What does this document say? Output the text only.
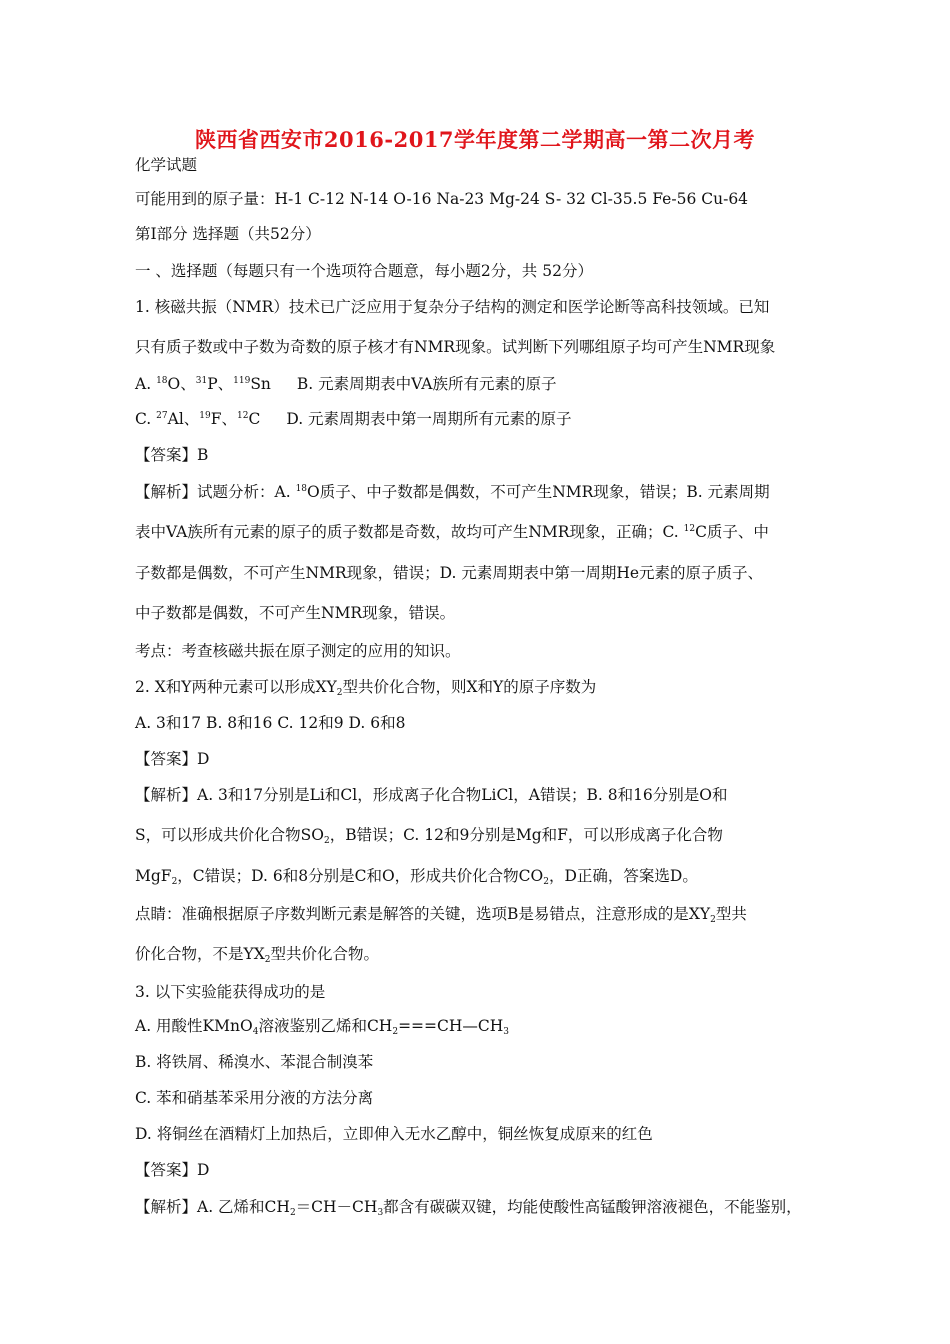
陕西省西安市2016-2017学年度第二学期高一第二次月考
化学试题
可能用到的原子量：H-1 C-12 N-14 O-16 Na-23 Mg-24 S- 32 Cl-35.5 Fe-56 Cu-64
第Ⅰ部分 选择题（共52分）
一 、选择题（每题只有一个选项符合题意，每小题2分，共 52分）
1. 核磁共振（NMR）技术已广泛应用于复杂分子结构的测定和医学论断等高科技领域。已知
只有质子数或中子数为奇数的原子核才有NMR现象。试判断下列哪组原子均可产生NMR现象
A. $^{18}$O、$^{31}$P、$^{119}$Sn B. 元素周期表中VA族所有元素的原子
C. $^{27}$Al、$^{19}$F、$^{12}$C D. 元素周期表中第一周期所有元素的原子
【答案】B
【解析】试题分析：A. $^{18}$O质子、中子数都是偶数，不可产生NMR现象，错误；B. 元素周期
表中VA族所有元素的原子的质子数都是奇数，故均可产生NMR现象，正确；C. $^{12}$C质子、中
子数都是偶数，不可产生NMR现象，错误；D. 元素周期表中第一周期He元素的原子质子、
中子数都是偶数，不可产生NMR现象，错误。
考点：考查核磁共振在原子测定的应用的知识。
2. X和Y两种元素可以形成$XY_2$型共价化合物，则X和Y的原子序数为
A. 3和17 B. 8和16 C. 12和9 D. 6和8
【答案】D
【解析】A. 3和17分别是Li和Cl，形成离子化合物LiCl，A错误；B. 8和16分别是O和
S，可以形成共价化合物$SO_2$，B错误；C. 12和9分别是Mg和F，可以形成离子化合物
MgF$_2$，C错误；D. 6和8分别是C和O，形成共价化合物$CO_2$，D正确，答案选D。
点睛：准确根据原子序数判断元素是解答的关键，选项B是易错点，注意形成的是$XY_2$型共
价化合物，不是$YX_2$型共价化合物。
3. 以下实验能获得成功的是
A. 用酸性KMnO$_4$溶液鉴别乙烯和$CH_2===CH—CH_3$
B. 将铁屑、稀溴水、苯混合制溴苯
C. 苯和硝基苯采用分液的方法分离
D. 将铜丝在酒精灯上加热后，立即伸入无水乙醇中，铜丝恢复成原来的红色
【答案】D
【解析】A. 乙烯和$CH_2=CH-CH_3$都含有碳碳双键，均能使酸性高锰酸钾溶液褪色，不能鉴别，
